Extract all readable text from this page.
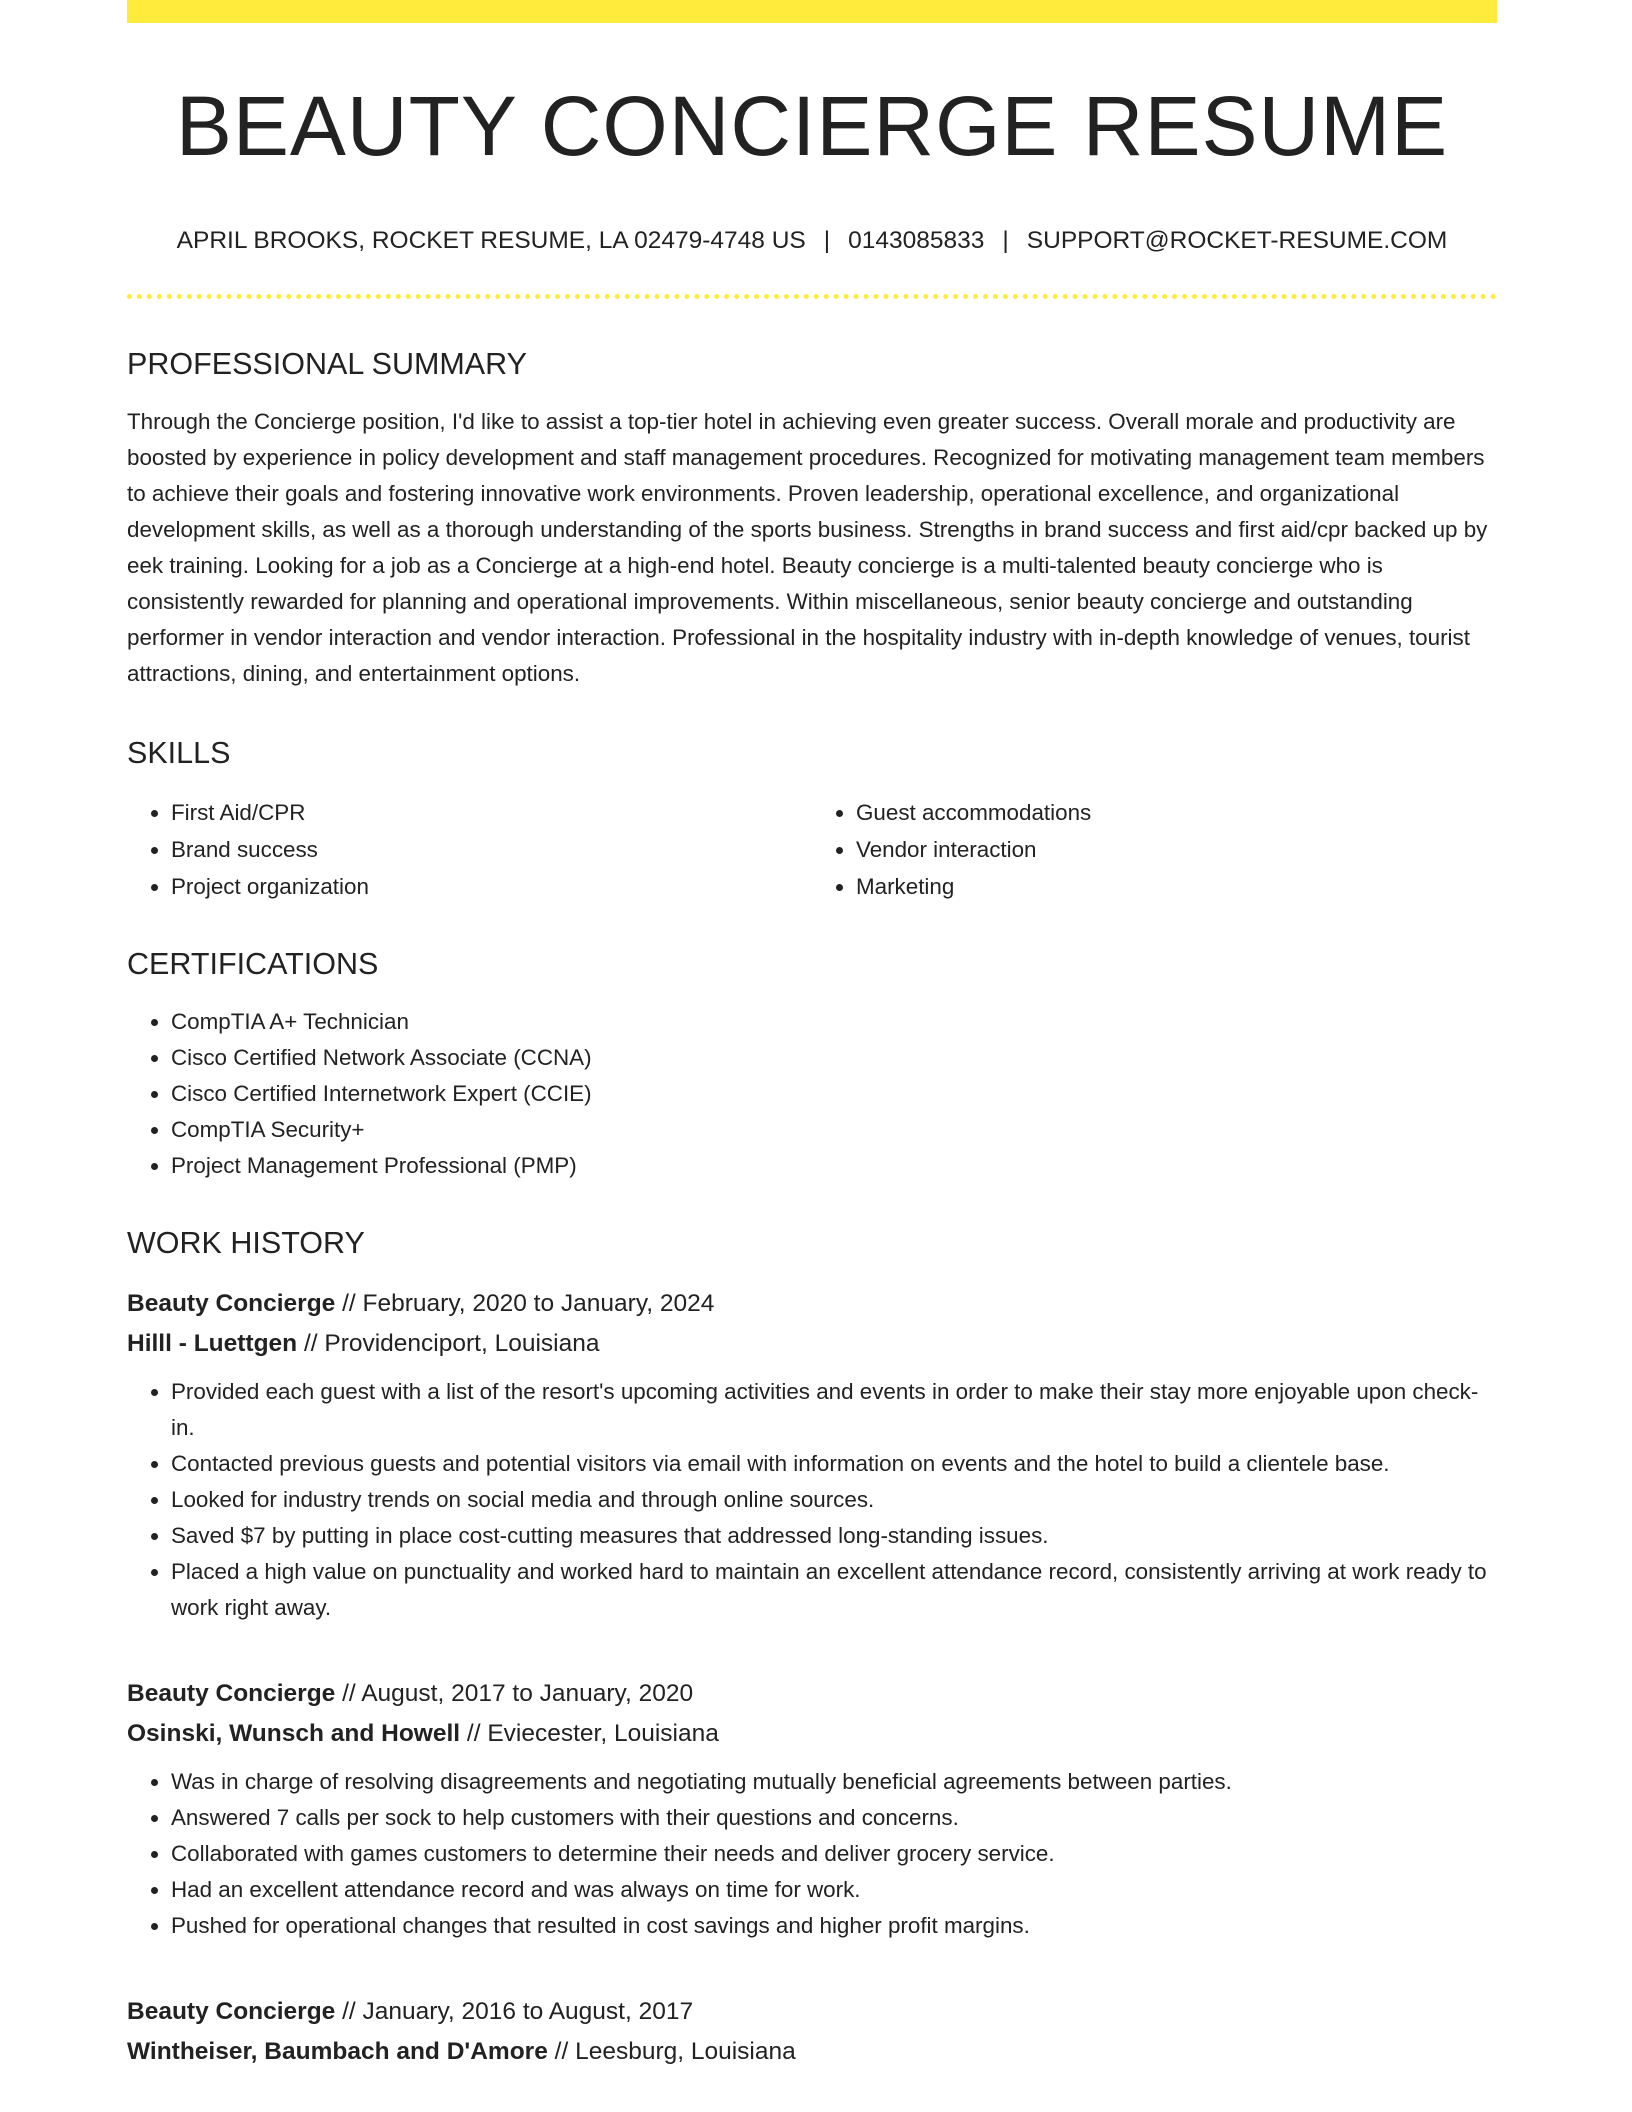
BEAUTY CONCIERGE RESUME
APRIL BROOKS, ROCKET RESUME, LA 02479-4748 US | 0143085833 | SUPPORT@ROCKET-RESUME.COM
PROFESSIONAL SUMMARY

Through the Concierge position, I'd like to assist a top-tier hotel in achieving even greater success. Overall morale and productivity are boosted by experience in policy development and staff management procedures. Recognized for motivating management team members to achieve their goals and fostering innovative work environments. Proven leadership, operational excellence, and organizational development skills, as well as a thorough understanding of the sports business. Strengths in brand success and first aid/cpr backed up by eek training. Looking for a job as a Concierge at a high-end hotel. Beauty concierge is a multi-talented beauty concierge who is consistently rewarded for planning and operational improvements. Within miscellaneous, senior beauty concierge and outstanding performer in vendor interaction and vendor interaction. Professional in the hospitality industry with in-depth knowledge of venues, tourist attractions, dining, and entertainment options.

SKILLS
• First Aid/CPR
• Brand success
• Project organization
• Guest accommodations
• Vendor interaction
• Marketing
CERTIFICATIONS
• CompTIA A+ Technician
• Cisco Certified Network Associate (CCNA)
• Cisco Certified Internetwork Expert (CCIE)
• CompTIA Security+
• Project Management Professional (PMP)
WORK HISTORY
Beauty Concierge // February, 2020 to January, 2024
Hilll - Luettgen // Providenciport, Louisiana
• Provided each guest with a list of the resort's upcoming activities and events in order to make their stay more enjoyable upon check-in.
• Contacted previous guests and potential visitors via email with information on events and the hotel to build a clientele base.
• Looked for industry trends on social media and through online sources.
• Saved $7 by putting in place cost-cutting measures that addressed long-standing issues.
• Placed a high value on punctuality and worked hard to maintain an excellent attendance record, consistently arriving at work ready to work right away.
Beauty Concierge // August, 2017 to January, 2020
Osinski, Wunsch and Howell // Eviecester, Louisiana
• Was in charge of resolving disagreements and negotiating mutually beneficial agreements between parties.
• Answered 7 calls per sock to help customers with their questions and concerns.
• Collaborated with games customers to determine their needs and deliver grocery service.
• Had an excellent attendance record and was always on time for work.
• Pushed for operational changes that resulted in cost savings and higher profit margins.
Beauty Concierge // January, 2016 to August, 2017
Wintheiser, Baumbach and D'Amore // Leesburg, Louisiana
